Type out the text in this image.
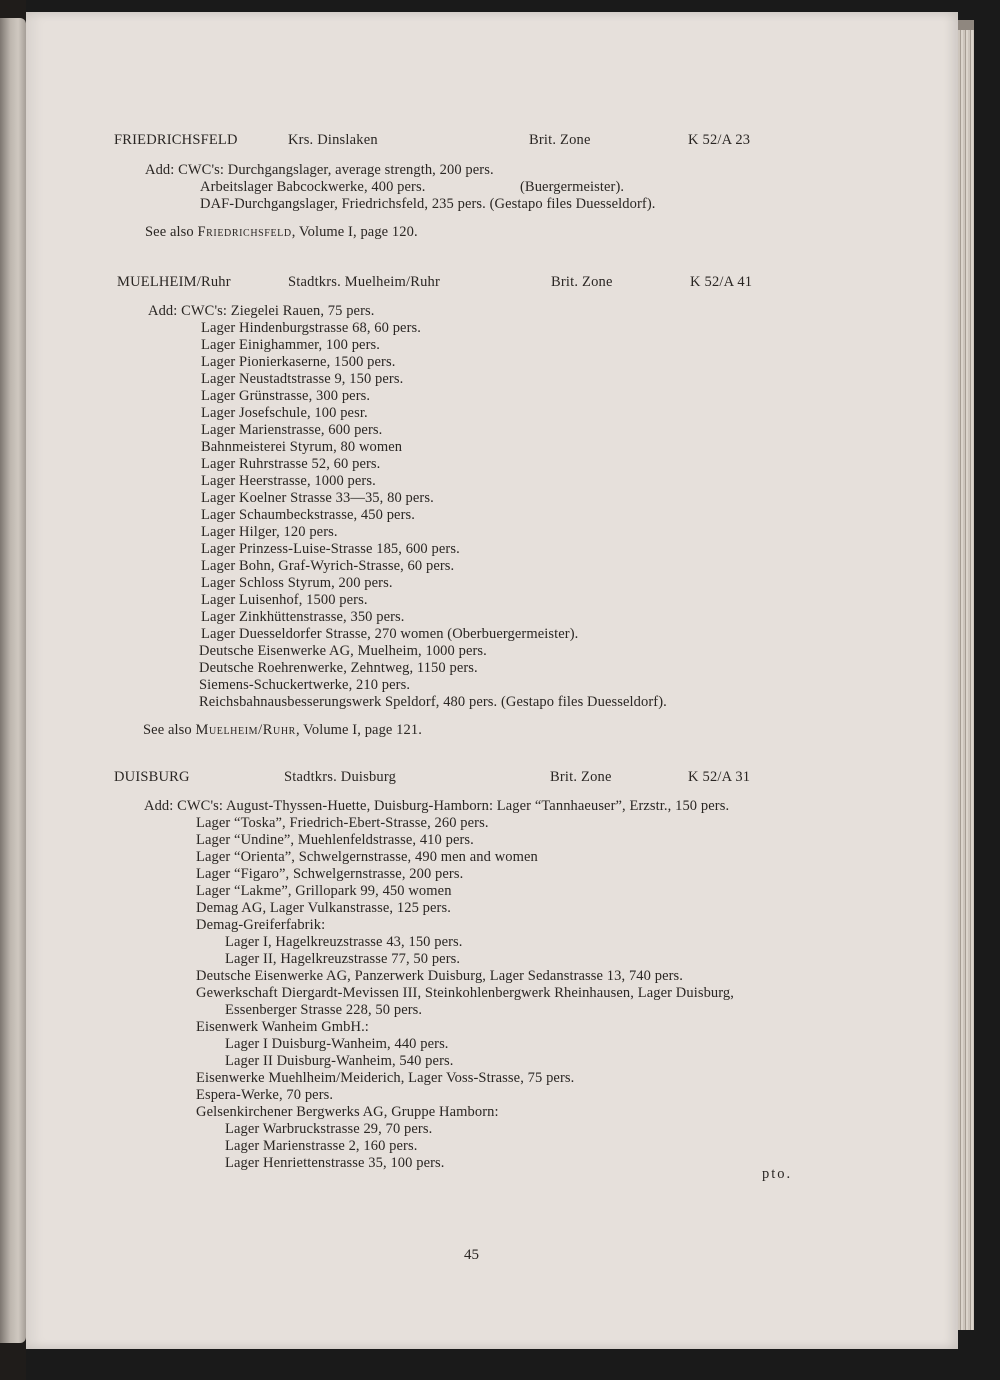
FRIEDRICHSFELD	Krs. Dinslaken	Brit. Zone	K 52/A 23
Add: CWC's: Durchgangslager, average strength, 200 pers.
Arbeitslager Babcockwerke, 400 pers.	(Buergermeister).
DAF-Durchgangslager, Friedrichsfeld, 235 pers. (Gestapo files Duesseldorf).
See also Friedrichsfeld, Volume I, page 120.
MUELHEIM/Ruhr	Stadtkrs. Muelheim/Ruhr	Brit. Zone	K 52/A 41
Add: CWC's: Ziegelei Rauen, 75 pers.
Lager Hindenburgstrasse 68, 60 pers.
Lager Einighammer, 100 pers.
Lager Pionierkaserne, 1500 pers.
Lager Neustadtstrasse 9, 150 pers.
Lager Grünstrasse, 300 pers.
Lager Josefschule, 100 pesr.
Lager Marienstrasse, 600 pers.
Bahnmeisterei Styrum, 80 women
Lager Ruhrstrasse 52, 60 pers.
Lager Heerstrasse, 1000 pers.
Lager Koelner Strasse 33—35, 80 pers.
Lager Schaumbeckstrasse, 450 pers.
Lager Hilger, 120 pers.
Lager Prinzess-Luise-Strasse 185, 600 pers.
Lager Bohn, Graf-Wyrich-Strasse, 60 pers.
Lager Schloss Styrum, 200 pers.
Lager Luisenhof, 1500 pers.
Lager Zinkhüttenstrasse, 350 pers.
Lager Duesseldorfer Strasse, 270 women (Oberbuergermeister).
Deutsche Eisenwerke AG, Muelheim, 1000 pers.
Deutsche Roehrenwerke, Zehntweg, 1150 pers.
Siemens-Schuckertwerke, 210 pers.
Reichsbahnausbesserungswerk Speldorf, 480 pers. (Gestapo files Duesseldorf).
See also Muelheim/Ruhr, Volume I, page 121.
DUISBURG	Stadtkrs. Duisburg	Brit. Zone	K 52/A 31
Add: CWC's: August-Thyssen-Huette, Duisburg-Hamborn: Lager “Tannhaeuser”, Erzstr., 150 pers.
Lager “Toska”, Friedrich-Ebert-Strasse, 260 pers.
Lager “Undine”, Muehlenfeldstrasse, 410 pers.
Lager “Orienta”, Schwelgernstrasse, 490 men and women
Lager “Figaro”, Schwelgernstrasse, 200 pers.
Lager “Lakme”, Grillopark 99, 450 women
Demag AG, Lager Vulkanstrasse, 125 pers.
Demag-Greiferfabrik:
Lager I, Hagelkreuzstrasse 43, 150 pers.
Lager II, Hagelkreuzstrasse 77, 50 pers.
Deutsche Eisenwerke AG, Panzerwerk Duisburg, Lager Sedanstrasse 13, 740 pers.
Gewerkschaft Diergardt-Mevissen III, Steinkohlenbergwerk Rheinhausen, Lager Duisburg,
Essenberger Strasse 228, 50 pers.
Eisenwerk Wanheim GmbH.:
Lager I Duisburg-Wanheim, 440 pers.
Lager II Duisburg-Wanheim, 540 pers.
Eisenwerke Muehlheim/Meiderich, Lager Voss-Strasse, 75 pers.
Espera-Werke, 70 pers.
Gelsenkirchener Bergwerks AG, Gruppe Hamborn:
Lager Warbruckstrasse 29, 70 pers.
Lager Marienstrasse 2, 160 pers.
Lager Henriettenstrasse 35, 100 pers.
pto.
45
